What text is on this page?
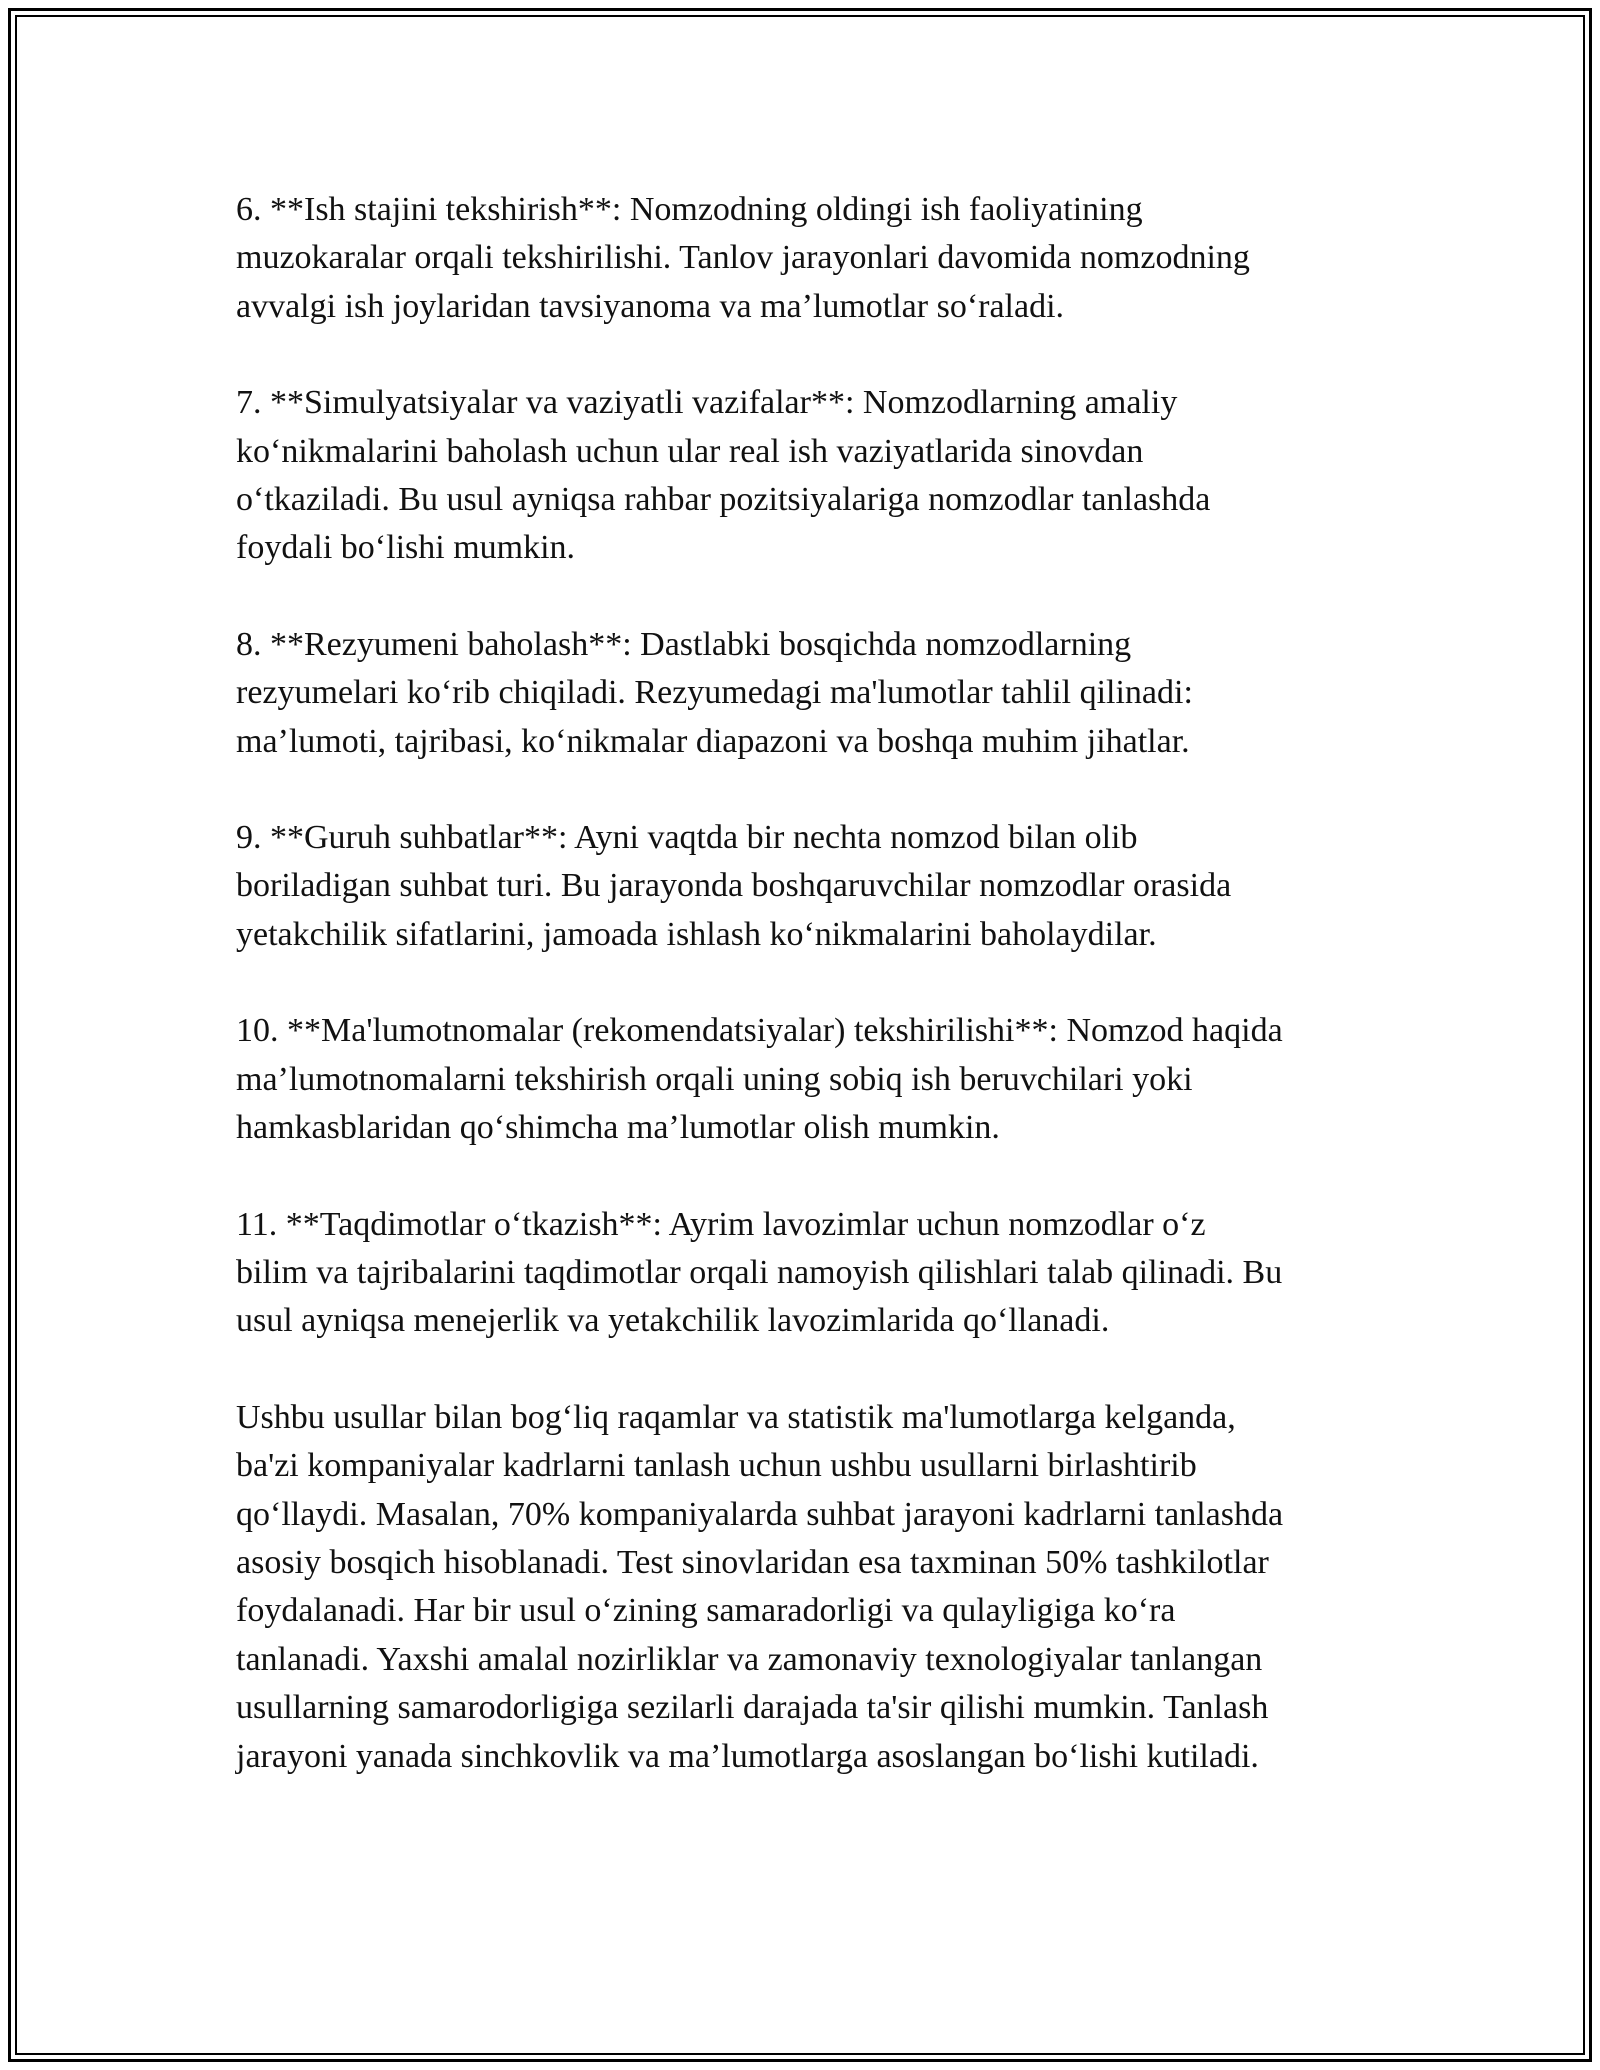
6. **Ish stajini tekshirish**: Nomzodning oldingi ish faoliyatining
muzokaralar orqali tekshirilishi. Tanlov jarayonlari davomida nomzodning
avvalgi ish joylaridan tavsiyanoma va ma’lumotlar so‘raladi.

7. **Simulyatsiyalar va vaziyatli vazifalar**: Nomzodlarning amaliy
ko‘nikmalarini baholash uchun ular real ish vaziyatlarida sinovdan
o‘tkaziladi. Bu usul ayniqsa rahbar pozitsiyalariga nomzodlar tanlashda
foydali bo‘lishi mumkin.

8. **Rezyumeni baholash**: Dastlabki bosqichda nomzodlarning
rezyumelari ko‘rib chiqiladi. Rezyumedagi ma'lumotlar tahlil qilinadi:
ma’lumoti, tajribasi, ko‘nikmalar diapazoni va boshqa muhim jihatlar.

9. **Guruh suhbatlar**: Ayni vaqtda bir nechta nomzod bilan olib
boriladigan suhbat turi. Bu jarayonda boshqaruvchilar nomzodlar orasida
yetakchilik sifatlarini, jamoada ishlash ko‘nikmalarini baholaydilar.

10. **Ma'lumotnomalar (rekomendatsiyalar) tekshirilishi**: Nomzod haqida
ma’lumotnomalarni tekshirish orqali uning sobiq ish beruvchilari yoki
hamkasblaridan qo‘shimcha ma’lumotlar olish mumkin.

11. **Taqdimotlar o‘tkazish**: Ayrim lavozimlar uchun nomzodlar o‘z
bilim va tajribalarini taqdimotlar orqali namoyish qilishlari talab qilinadi. Bu
usul ayniqsa menejerlik va yetakchilik lavozimlarida qo‘llanadi.

Ushbu usullar bilan bog‘liq raqamlar va statistik ma'lumotlarga kelganda,
ba'zi kompaniyalar kadrlarni tanlash uchun ushbu usullarni birlashtirib
qo‘llaydi. Masalan, 70% kompaniyalarda suhbat jarayoni kadrlarni tanlashda
asosiy bosqich hisoblanadi. Test sinovlaridan esa taxminan 50% tashkilotlar
foydalanadi. Har bir usul o‘zining samaradorligi va qulayligiga ko‘ra
tanlanadi. Yaxshi amalal nozirliklar va zamonaviy texnologiyalar tanlangan
usullarning samarodorligiga sezilarli darajada ta'sir qilishi mumkin. Tanlash
jarayoni yanada sinchkovlik va ma’lumotlarga asoslangan bo‘lishi kutiladi.
